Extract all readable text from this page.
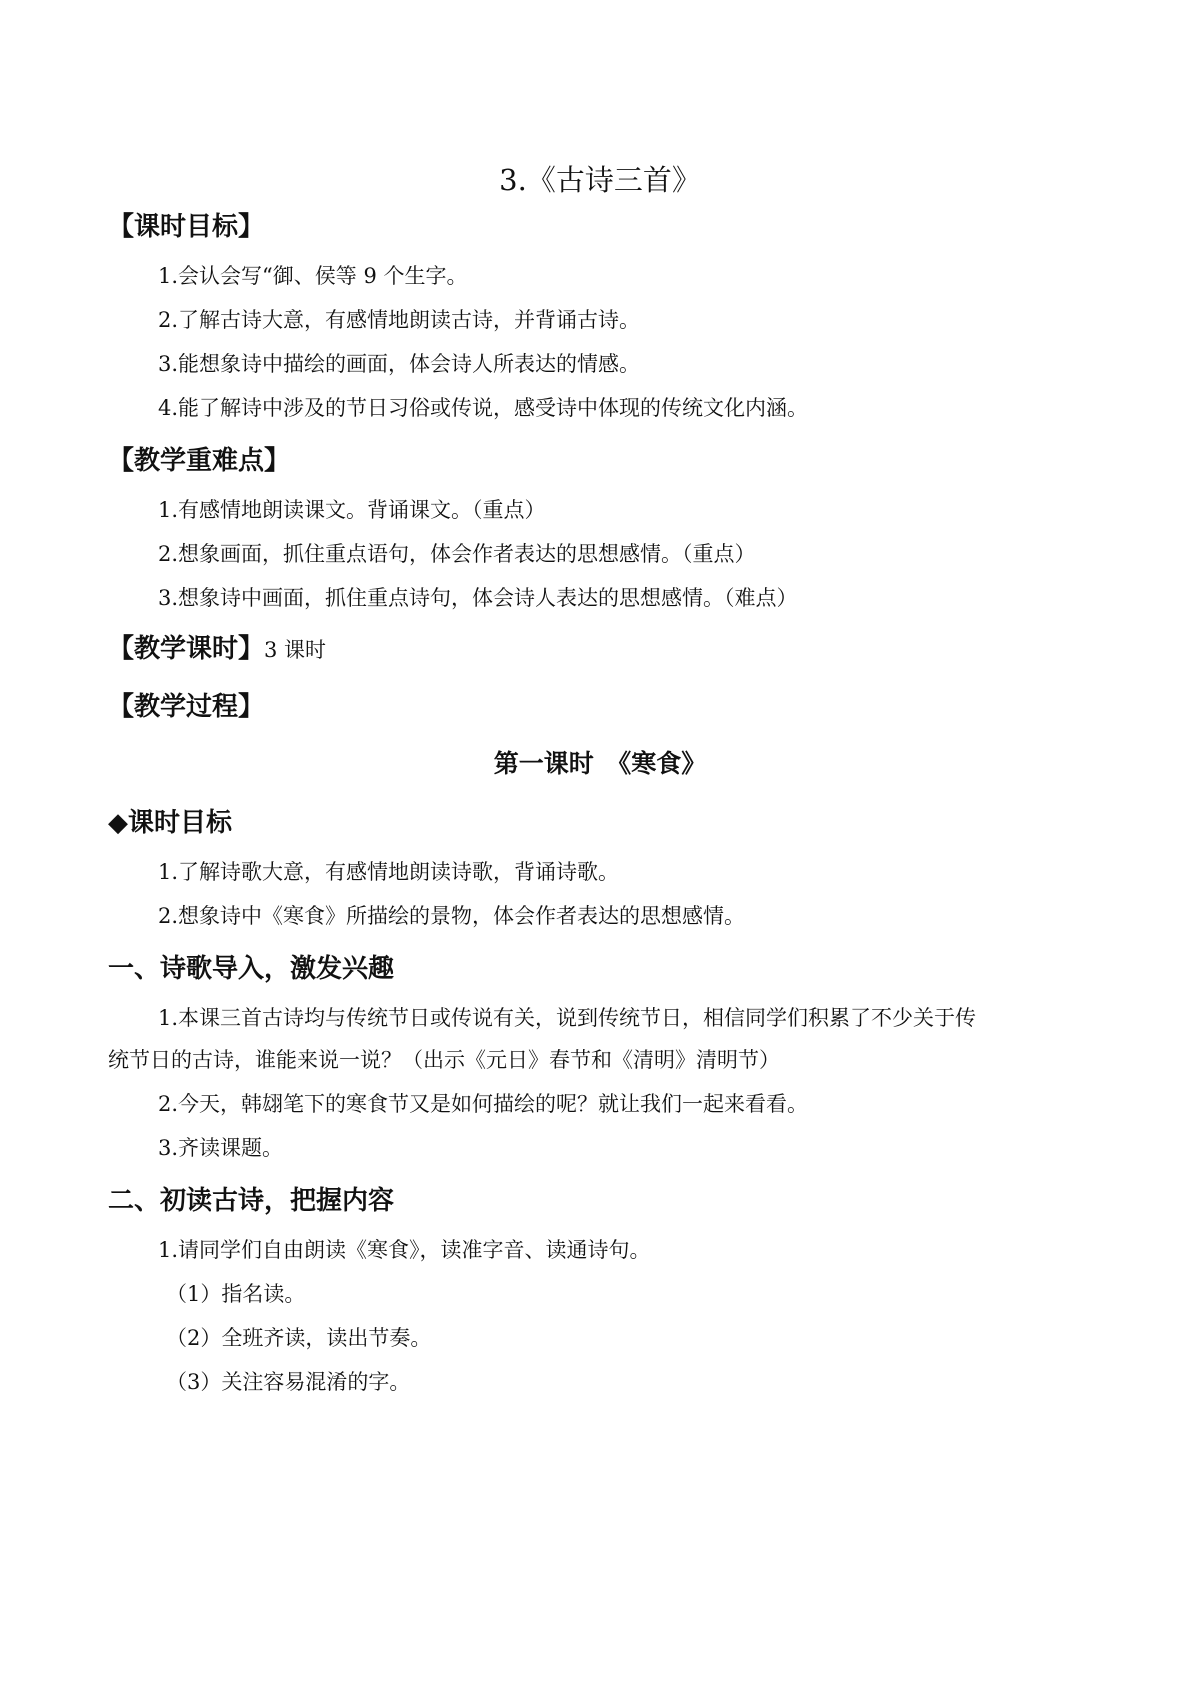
3.《古诗三首》
【课时目标】
1.会认会写“御、侯等 9 个生字。
2.了解古诗大意，有感情地朗读古诗，并背诵古诗。
3.能想象诗中描绘的画面，体会诗人所表达的情感。
4.能了解诗中涉及的节日习俗或传说，感受诗中体现的传统文化内涵。
【教学重难点】
1.有感情地朗读课文。背诵课文。（重点）
2.想象画面，抓住重点语句，体会作者表达的思想感情。（重点）
3.想象诗中画面，抓住重点诗句，体会诗人表达的思想感情。（难点）
【教学课时】3 课时
【教学过程】
第一课时　《寒食》
◆课时目标
1.了解诗歌大意，有感情地朗读诗歌，背诵诗歌。
2.想象诗中《寒食》所描绘的景物，体会作者表达的思想感情。
一、诗歌导入，激发兴趣
1.本课三首古诗均与传统节日或传说有关，说到传统节日，相信同学们积累了不少关于传
统节日的古诗，谁能来说一说？（出示《元日》春节和《清明》清明节）
2.今天，韩翃笔下的寒食节又是如何描绘的呢？就让我们一起来看看。
3.齐读课题。
二、初读古诗，把握内容
1.请同学们自由朗读《寒食》，读准字音、读通诗句。
（1）指名读。
（2）全班齐读，读出节奏。
（3）关注容易混淆的字。
